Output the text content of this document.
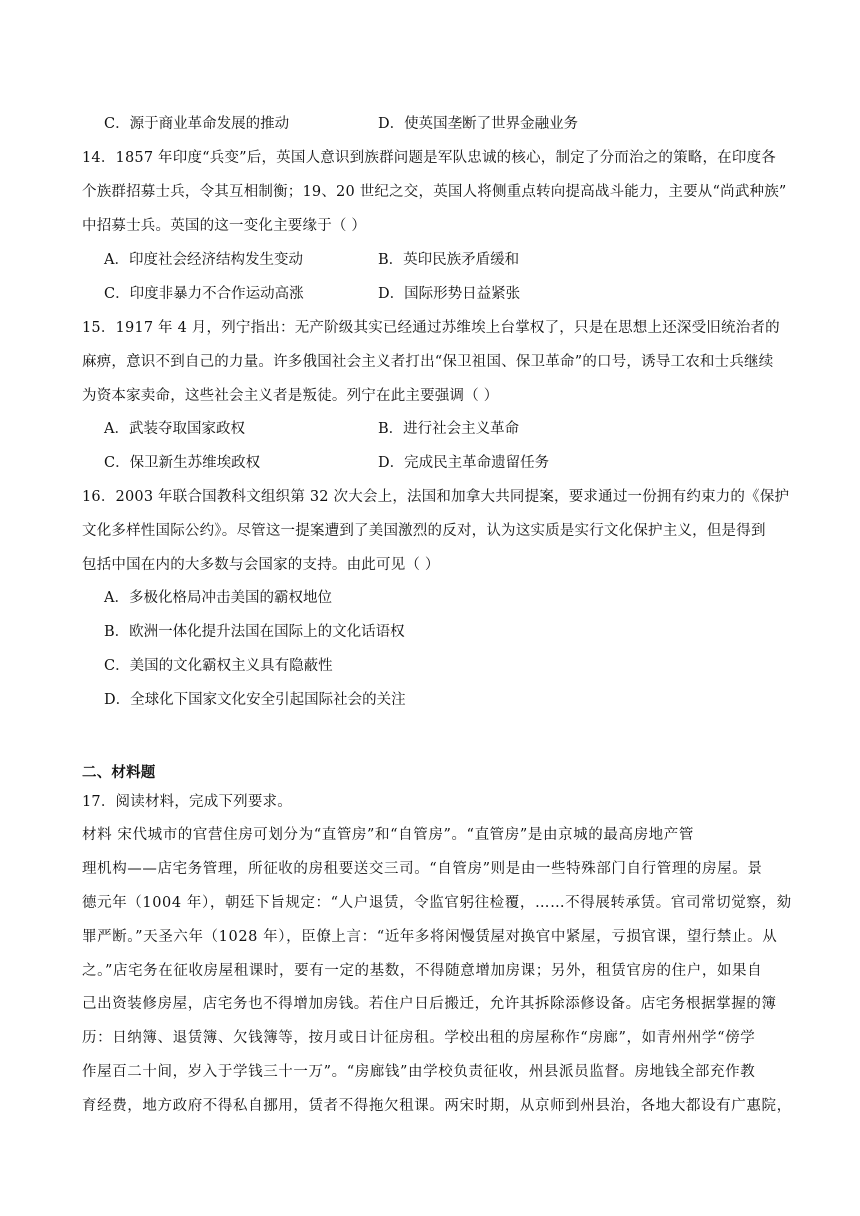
C．源于商业革命发展的推动	D．使英国垄断了世界金融业务
14．1857 年印度“兵变”后，英国人意识到族群问题是军队忠诚的核心，制定了分而治之的策略，在印度各
个族群招募士兵，令其互相制衡；19、20 世纪之交，英国人将侧重点转向提高战斗能力，主要从“尚武种族”
中招募士兵。英国的这一变化主要缘于（ ）
A．印度社会经济结构发生变动	B．英印民族矛盾缓和
C．印度非暴力不合作运动高涨	D．国际形势日益紧张
15．1917 年 4 月，列宁指出：无产阶级其实已经通过苏维埃上台掌权了，只是在思想上还深受旧统治者的
麻痹，意识不到自己的力量。许多俄国社会主义者打出“保卫祖国、保卫革命”的口号，诱导工农和士兵继续
为资本家卖命，这些社会主义者是叛徒。列宁在此主要强调（ ）
A．武装夺取国家政权	B．进行社会主义革命
C．保卫新生苏维埃政权	D．完成民主革命遗留任务
16．2003 年联合国教科文组织第 32 次大会上，法国和加拿大共同提案，要求通过一份拥有约束力的《保护
文化多样性国际公约》。尽管这一提案遭到了美国激烈的反对，认为这实质是实行文化保护主义，但是得到
包括中国在内的大多数与会国家的支持。由此可见（ ）
A．多极化格局冲击美国的霸权地位
B．欧洲一体化提升法国在国际上的文化话语权
C．美国的文化霸权主义具有隐蔽性
D．全球化下国家文化安全引起国际社会的关注
二、材料题
17．阅读材料，完成下列要求。
材料 宋代城市的官营住房可划分为“直管房”和“自管房”。“直管房”是由京城的最高房地产管
理机构——店宅务管理，所征收的房租要送交三司。“自管房”则是由一些特殊部门自行管理的房屋。景
德元年（1004 年），朝廷下旨规定：“人户退赁，令监官躬往检覆，……不得展转承赁。官司常切觉察，劾
罪严断。”天圣六年（1028 年），臣僚上言：“近年多将闲慢赁屋对换官中紧屋，亏损官课，望行禁止。从
之。”店宅务在征收房屋租课时，要有一定的基数，不得随意增加房课；另外，租赁官房的住户，如果自
己出资装修房屋，店宅务也不得增加房钱。若住户日后搬迁，允许其拆除添修设备。店宅务根据掌握的簿
历：日纳簿、退赁簿、欠钱簿等，按月或日计征房租。学校出租的房屋称作“房廊”，如青州州学“傍学
作屋百二十间，岁入于学钱三十一万”。“房廊钱”由学校负责征收，州县派员监督。房地钱全部充作教
育经费，地方政府不得私自挪用，赁者不得拖欠租课。两宋时期，从京师到州县治，各地大都设有广惠院，
